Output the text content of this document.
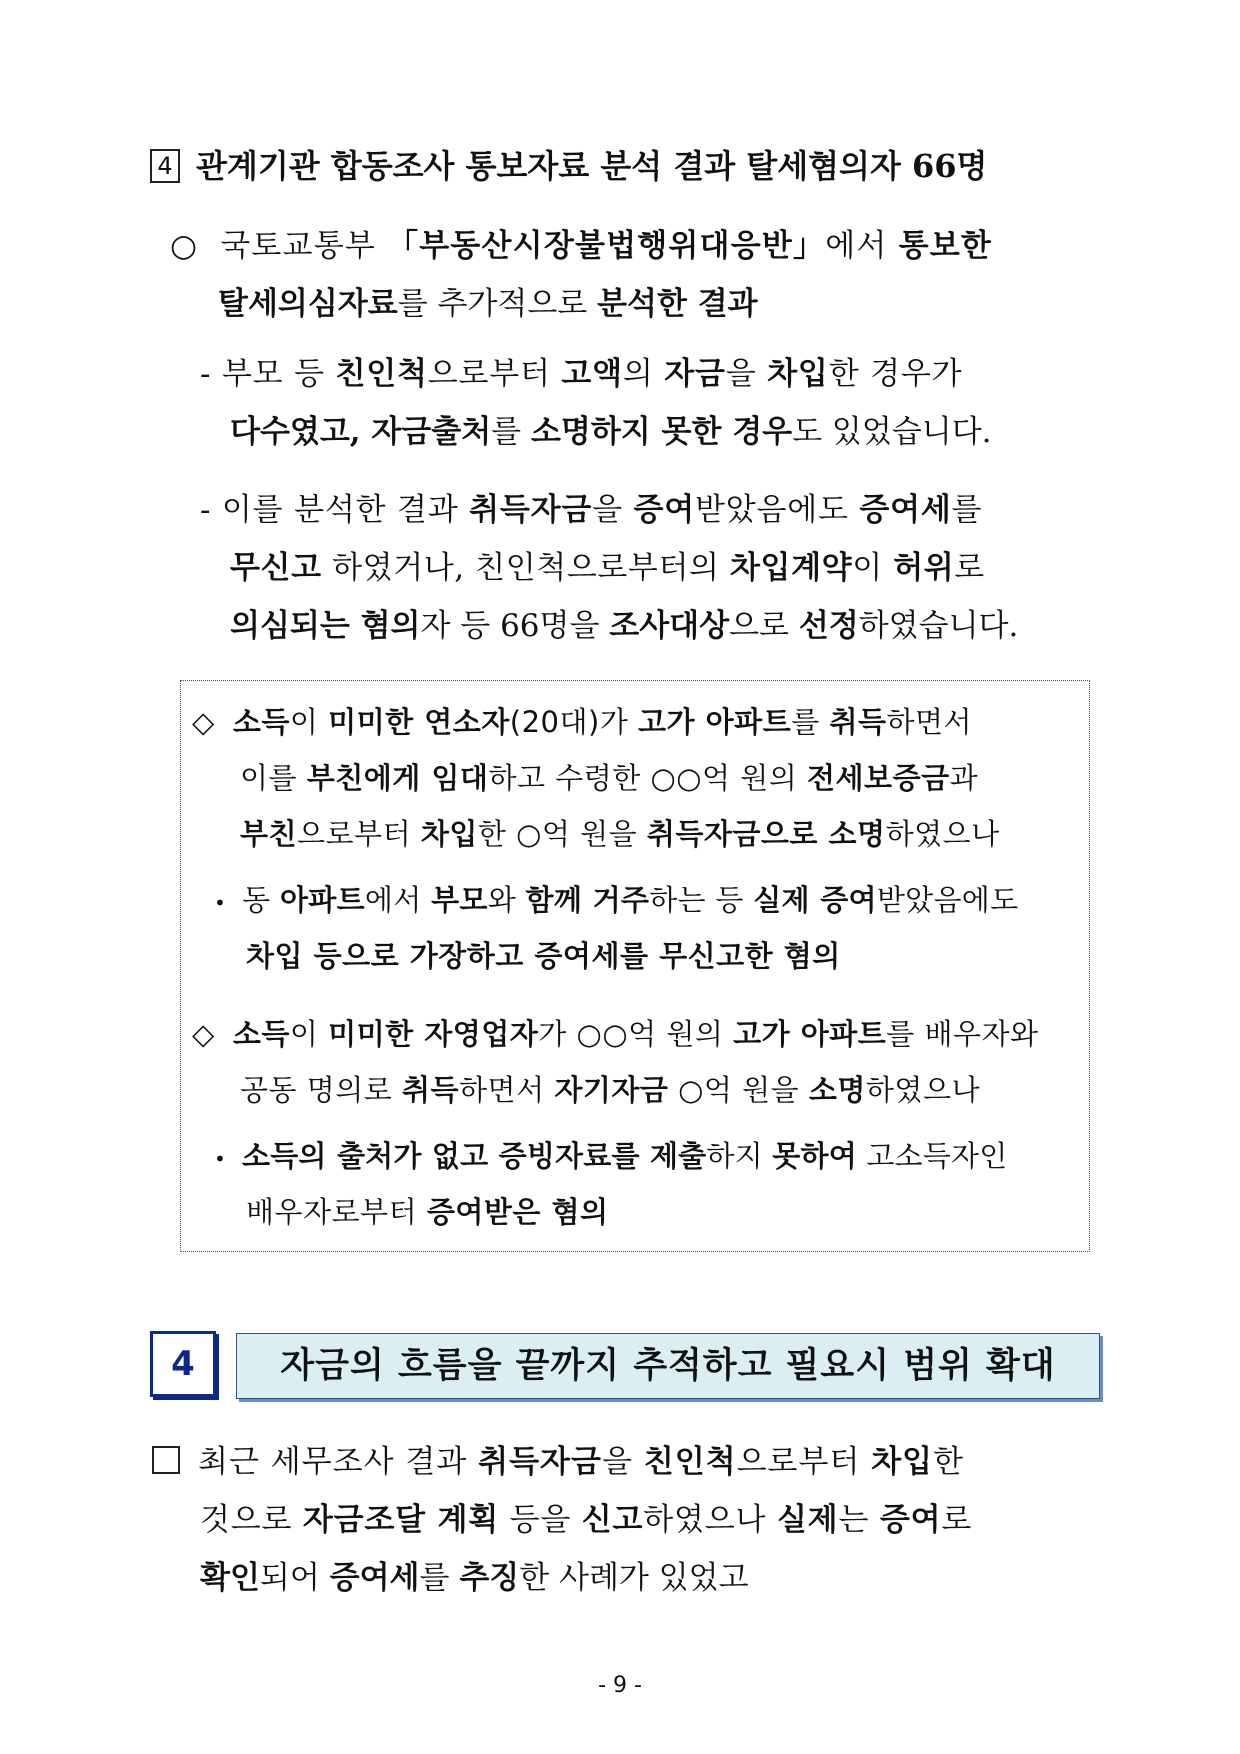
4 관계기관 합동조사 통보자료 분석 결과 탈세혐의자 66명
○ 국토교통부 「부동산시장불법행위대응반」에서 통보한
탈세의심자료를 추가적으로 분석한 결과
- 부모 등 친인척으로부터 고액의 자금을 차입한 경우가
다수였고, 자금출처를 소명하지 못한 경우도 있었습니다.
- 이를 분석한 결과 취득자금을 증여받았음에도 증여세를
무신고 하였거나, 친인척으로부터의 차입계약이 허위로
의심되는 혐의자 등 66명을 조사대상으로 선정하였습니다.
◇ 소득이 미미한 연소자(20대)가 고가 아파트를 취득하면서
이를 부친에게 임대하고 수령한 ○○억 원의 전세보증금과
부친으로부터 차입한 ○억 원을 취득자금으로 소명하였으나
• 동 아파트에서 부모와 함께 거주하는 등 실제 증여받았음에도
차입 등으로 가장하고 증여세를 무신고한 혐의
◇ 소득이 미미한 자영업자가 ○○억 원의 고가 아파트를 배우자와
공동 명의로 취득하면서 자기자금 ○억 원을 소명하였으나
• 소득의 출처가 없고 증빙자료를 제출하지 못하여 고소득자인
배우자로부터 증여받은 혐의
4	자금의 흐름을 끝까지 추적하고 필요시 범위 확대
최근 세무조사 결과 취득자금을 친인척으로부터 차입한
것으로 자금조달 계획 등을 신고하였으나 실제는 증여로
확인되어 증여세를 추징한 사례가 있었고
- 9 -
